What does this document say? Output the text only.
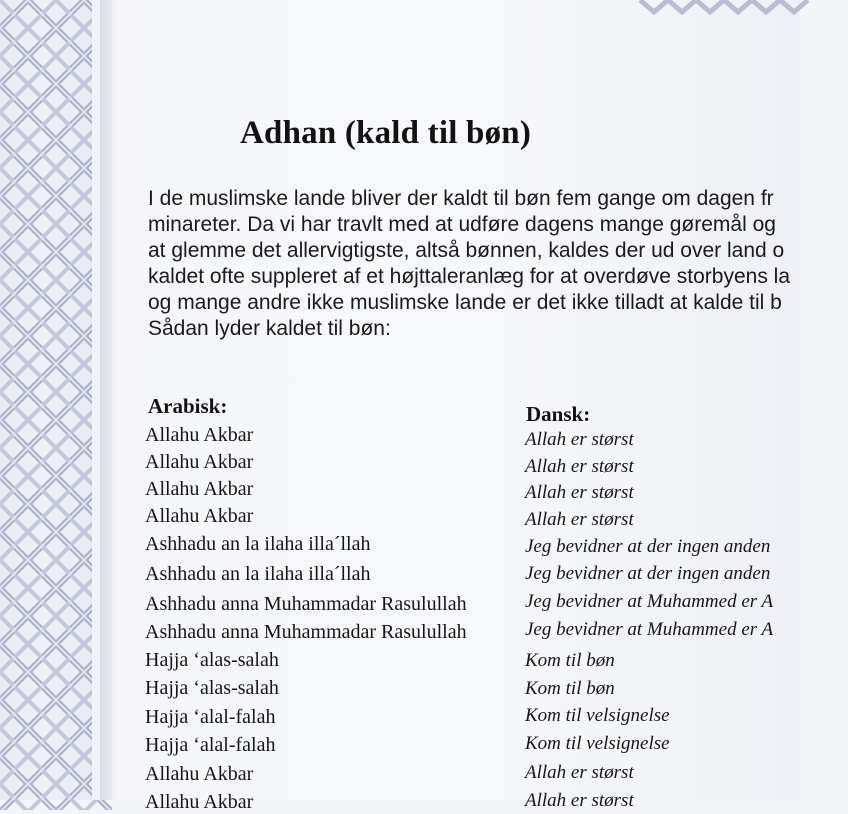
Adhan (kald til bøn)
I de muslimske lande bliver der kaldt til bøn fem gange om dagen fr
minareter. Da vi har travlt med at udføre dagens mange gøremål og
at glemme det allervigtigste, altså bønnen, kaldes der ud over land o
kaldet ofte suppleret af et højttaleranlæg for at overdøve storbyens la
og mange andre ikke muslimske lande er det ikke tilladt at kalde til b
Sådan lyder kaldet til bøn:
Arabisk:	Dansk:
Allahu Akbar
Allahu Akbar
Allahu Akbar
Allahu Akbar
Ashhadu an la ilaha illa´llah
Ashhadu an la ilaha illa´llah
Ashhadu anna Muhammadar Rasulullah
Ashhadu anna Muhammadar Rasulullah
Hajja ‘alas-salah
Hajja ‘alas-salah
Hajja ‘alal-falah
Hajja ‘alal-falah
Allahu Akbar
Allahu Akbar
Allah er størst
Allah er størst
Allah er størst
Allah er størst
Jeg bevidner at der ingen anden
Jeg bevidner at der ingen anden
Jeg bevidner at Muhammed er A
Jeg bevidner at Muhammed er A
Kom til bøn
Kom til bøn
Kom til velsignelse
Kom til velsignelse
Allah er størst
Allah er størst
